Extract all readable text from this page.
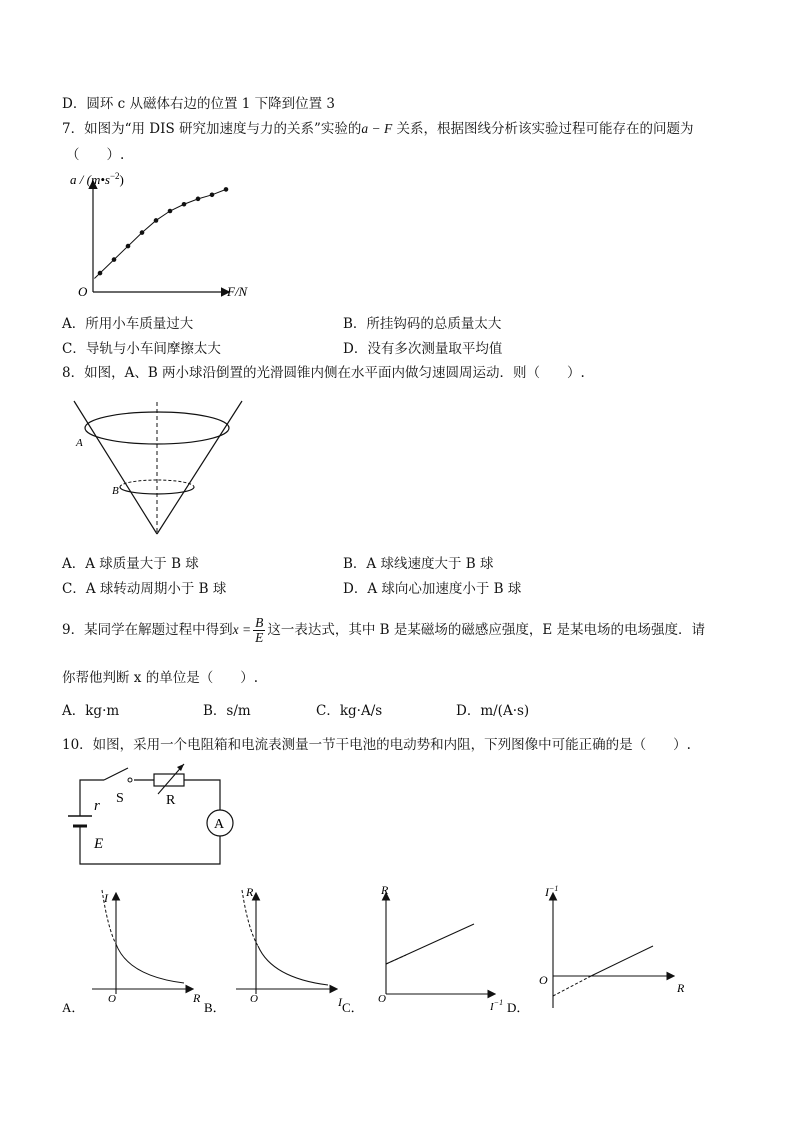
D．圆环 c 从磁体右边的位置 1 下降到位置 3
7．如图为“用 DIS 研究加速度与力的关系”实验的a − F 关系，根据图线分析该实验过程可能存在的问题为
（　　）.
a / $(m•s^{-2})$
F/N
O
A．所用小车质量过大	B．所挂钩码的总质量太大
C．导轨与小车间摩擦太大	D．没有多次测量取平均值
8．如图，A、B 两小球沿倒置的光滑圆锥内侧在水平面内做匀速圆周运动．则（　　）.
A
B
A．A 球质量大于 B 球	B．A 球线速度大于 B 球
C．A 球转动周期小于 B 球	D．A 球向心加速度小于 B 球
9．某同学在解题过程中得到$x = \frac{B}{E}$ 这一表达式，其中 B 是某磁场的磁感应强度，E 是某电场的电场强度．请
你帮他判断 x 的单位是（　　）.
A．kg·m	B．s/m	C．kg·A/s	D．m/(A·s)
10．如图，采用一个电阻箱和电流表测量一节干电池的电动势和内阻，下列图像中可能正确的是（　　）.
A
S	R
r
E
I
R
O
A．
R
I
O
B．
R
$I^{-1}$
O
C．
$I^{-1}$
R
O
D．
